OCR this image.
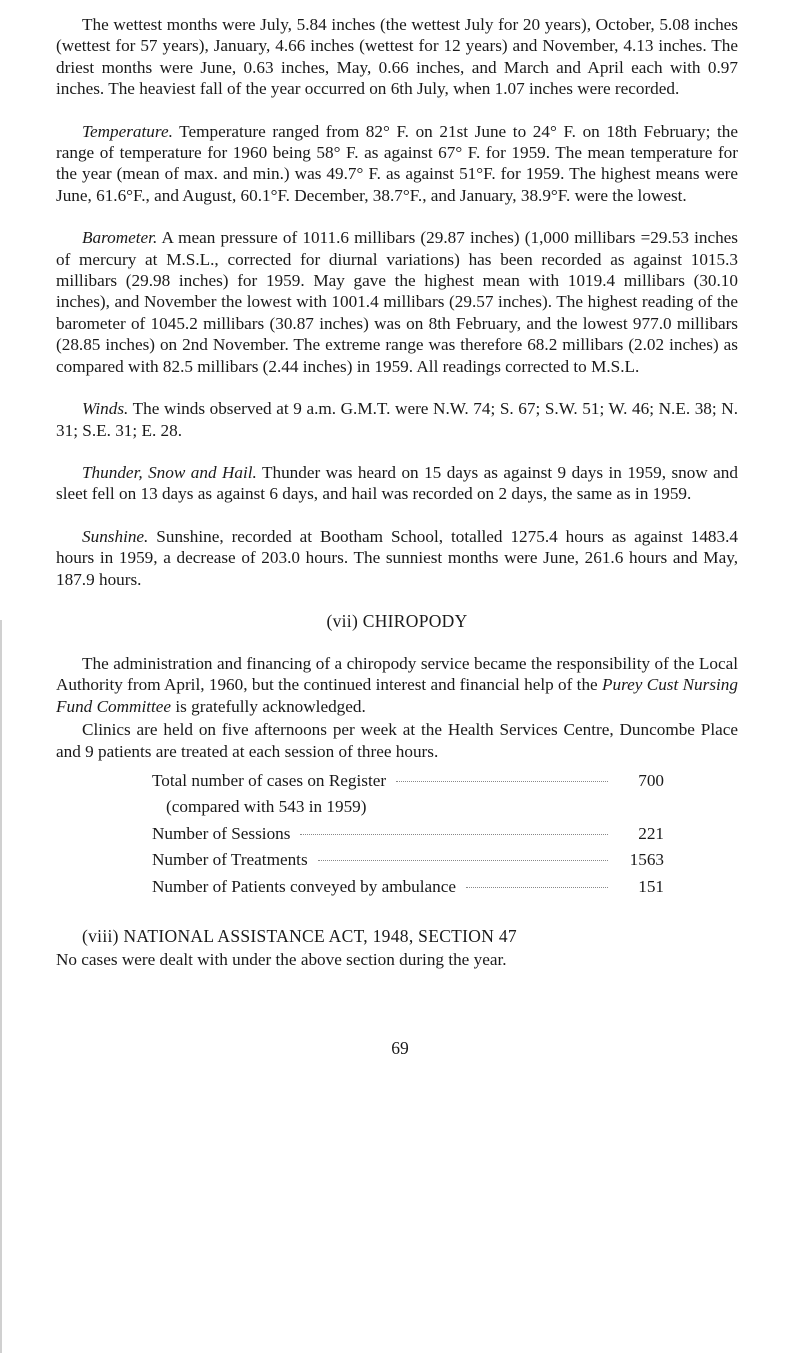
The wettest months were July, 5.84 inches (the wettest July for 20 years), October, 5.08 inches (wettest for 57 years), January, 4.66 inches (wettest for 12 years) and November, 4.13 inches. The driest months were June, 0.63 inches, May, 0.66 inches, and March and April each with 0.97 inches. The heaviest fall of the year occurred on 6th July, when 1.07 inches were recorded.

Temperature. Temperature ranged from 82° F. on 21st June to 24° F. on 18th February; the range of temperature for 1960 being 58° F. as against 67° F. for 1959. The mean temperature for the year (mean of max. and min.) was 49.7° F. as against 51°F. for 1959. The highest means were June, 61.6°F., and August, 60.1°F. December, 38.7°F., and January, 38.9°F. were the lowest.

Barometer. A mean pressure of 1011.6 millibars (29.87 inches) (1,000 millibars =29.53 inches of mercury at M.S.L., corrected for diurnal variations) has been recorded as against 1015.3 millibars (29.98 inches) for 1959. May gave the highest mean with 1019.4 millibars (30.10 inches), and November the lowest with 1001.4 millibars (29.57 inches). The highest reading of the barometer of 1045.2 millibars (30.87 inches) was on 8th February, and the lowest 977.0 millibars (28.85 inches) on 2nd November. The extreme range was therefore 68.2 millibars (2.02 inches) as compared with 82.5 millibars (2.44 inches) in 1959. All readings corrected to M.S.L.

Winds. The winds observed at 9 a.m. G.M.T. were N.W. 74; S. 67; S.W. 51; W. 46; N.E. 38; N. 31; S.E. 31; E. 28.

Thunder, Snow and Hail. Thunder was heard on 15 days as against 9 days in 1959, snow and sleet fell on 13 days as against 6 days, and hail was recorded on 2 days, the same as in 1959.

Sunshine. Sunshine, recorded at Bootham School, totalled 1275.4 hours as against 1483.4 hours in 1959, a decrease of 203.0 hours. The sunniest months were June, 261.6 hours and May, 187.9 hours.

(vii) CHIROPODY

The administration and financing of a chiropody service became the responsibility of the Local Authority from April, 1960, but the continued interest and financial help of the Purey Cust Nursing Fund Committee is gratefully acknowledged.

Clinics are held on five afternoons per week at the Health Services Centre, Duncombe Place and 9 patients are treated at each session of three hours.

Total number of cases on Register	700
(compared with 543 in 1959)
Number of Sessions	221
Number of Treatments	1563
Number of Patients conveyed by ambulance	151
(viii) NATIONAL ASSISTANCE ACT, 1948, SECTION 47

No cases were dealt with under the above section during the year.

69
